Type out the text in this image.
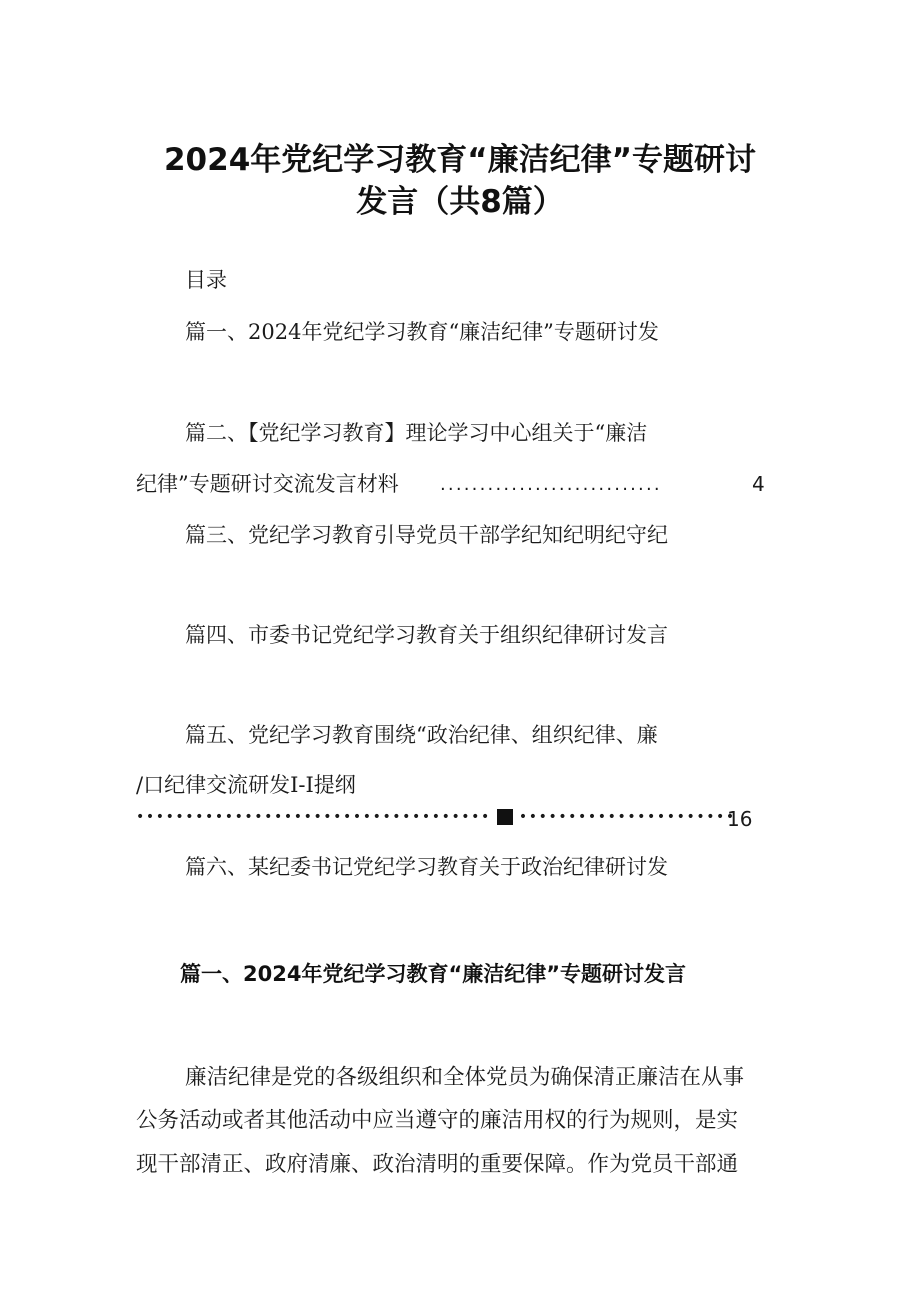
2024年党纪学习教育“廉洁纪律”专题研讨
发言（共8篇）
目录
篇一、2024年党纪学习教育“廉洁纪律”专题研讨发
篇二、【党纪学习教育】理论学习中心组关于“廉洁
纪律”专题研讨交流发言材料 ............................	4
篇三、党纪学习教育引导党员干部学纪知纪明纪守纪
篇四、市委书记党纪学习教育关于组织纪律研讨发言
篇五、党纪学习教育围绕“政治纪律、组织纪律、廉
/口纪律交流研发I-I提纲
•••••••••••••••••••••••••••••••••••• ••••••••••••••••••••••
16
篇六、某纪委书记党纪学习教育关于政治纪律研讨发
篇一、2024年党纪学习教育“廉洁纪律”专题研讨发言
廉洁纪律是党的各级组织和全体党员为确保清正廉洁在从事
公务活动或者其他活动中应当遵守的廉洁用权的行为规则，是实
现干部清正、政府清廉、政治清明的重要保障。作为党员干部通
